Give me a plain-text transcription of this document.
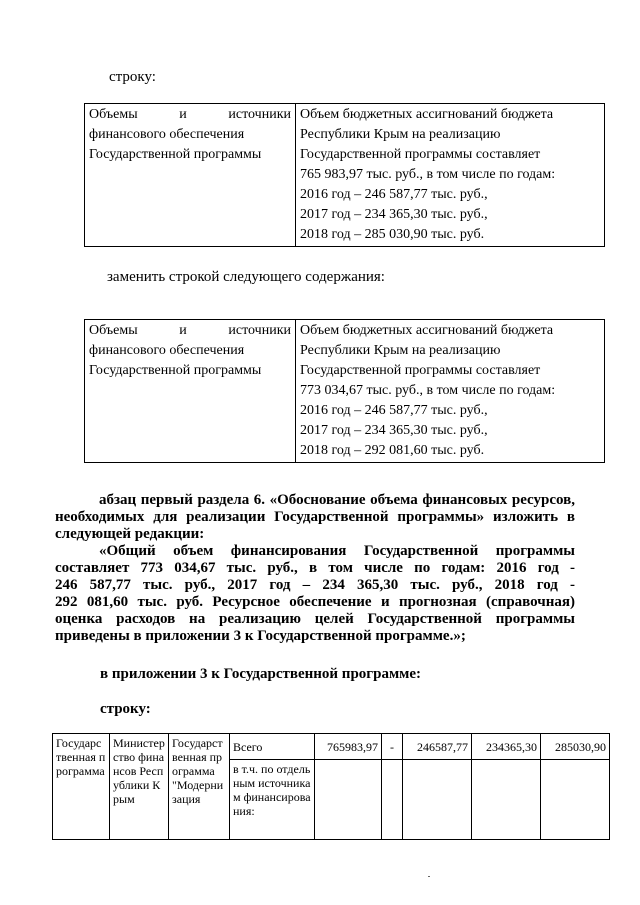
строку:
Объемы и источники
финансового обеспечения
Государственной программы

Объем бюджетных ассигнований бюджета
Республики Крым на реализацию
Государственной программы составляет
765 983,97 тыс. руб., в том числе по годам:
2016 год – 246 587,77 тыс. руб.,
2017 год – 234 365,30 тыс. руб.,
2018 год – 285 030,90 тыс. руб.
заменить строкой следующего содержания:
Объемы и источники
финансового обеспечения
Государственной программы

Объем бюджетных ассигнований бюджета
Республики Крым на реализацию
Государственной программы составляет
773 034,67 тыс. руб., в том числе по годам:
2016 год – 246 587,77 тыс. руб.,
2017 год – 234 365,30 тыс. руб.,
2018 год – 292 081,60 тыс. руб.
абзац первый раздела 6. «Обоснование объема финансовых ресурсов,
необходимых для реализации Государственной программы» изложить в
следующей редакции:
«Общий объем финансирования Государственной программы
составляет 773 034,67 тыс. руб., в том числе по годам: 2016 год -
246 587,77 тыс. руб., 2017 год – 234 365,30 тыс. руб., 2018 год -
292 081,60 тыс. руб. Ресурсное обеспечение и прогнозная (справочная)
оценка расходов на реализацию целей Государственной программы
приведены в приложении 3 к Государственной программе.»;
в приложении 3 к Государственной программе:
строку:
Государственная программа	Министерство финансов Республики Крым	Государственная программа "Модернизация	Всего	765983,97	-	246587,77	234365,30	285030,90
			в т.ч. по отдельным источникам финансирования:					
